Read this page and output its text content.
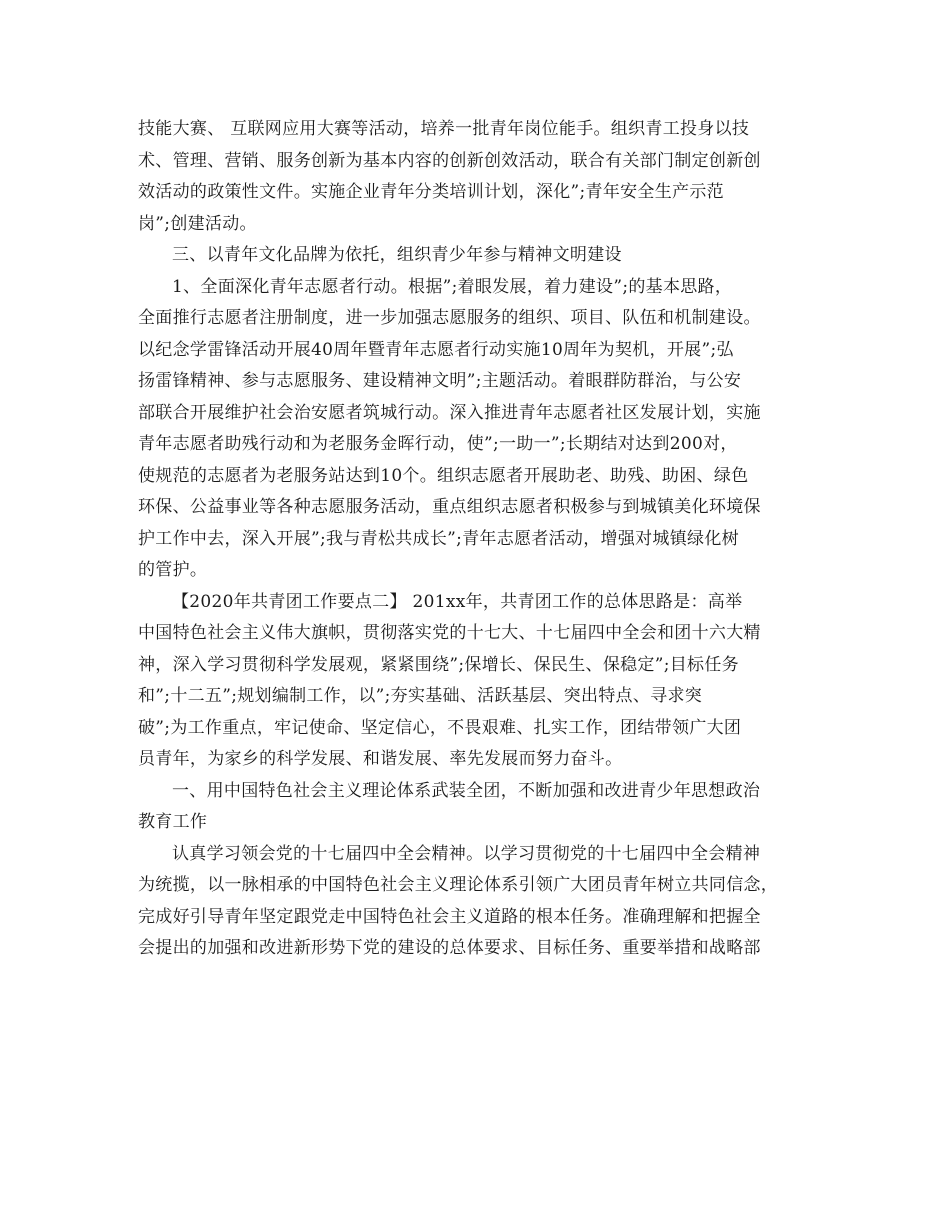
技能大赛、 互联网应用大赛等活动，培养一批青年岗位能手。组织青工投身以技
术、管理、营销、服务创新为基本内容的创新创效活动，联合有关部门制定创新创
效活动的政策性文件。实施企业青年分类培训计划，深化”;青年安全生产示范
岗”;创建活动。
三、以青年文化品牌为依托，组织青少年参与精神文明建设
1、全面深化青年志愿者行动。根据”;着眼发展，着力建设”;的基本思路，
全面推行志愿者注册制度，进一步加强志愿服务的组织、项目、队伍和机制建设。
以纪念学雷锋活动开展40周年暨青年志愿者行动实施10周年为契机，开展”;弘
扬雷锋精神、参与志愿服务、建设精神文明”;主题活动。着眼群防群治，与公安
部联合开展维护社会治安愿者筑城行动。深入推进青年志愿者社区发展计划，实施
青年志愿者助残行动和为老服务金晖行动，使”;一助一”;长期结对达到200对，
使规范的志愿者为老服务站达到10个。组织志愿者开展助老、助残、助困、绿色
环保、公益事业等各种志愿服务活动，重点组织志愿者积极参与到城镇美化环境保
护工作中去，深入开展”;我与青松共成长”;青年志愿者活动，增强对城镇绿化树
的管护。
【2020年共青团工作要点二】 201xx年，共青团工作的总体思路是：高举
中国特色社会主义伟大旗帜，贯彻落实党的十七大、十七届四中全会和团十六大精
神，深入学习贯彻科学发展观，紧紧围绕”;保增长、保民生、保稳定”;目标任务
和”;十二五”;规划编制工作，以”;夯实基础、活跃基层、突出特点、寻求突
破”;为工作重点，牢记使命、坚定信心，不畏艰难、扎实工作，团结带领广大团
员青年，为家乡的科学发展、和谐发展、率先发展而努力奋斗。
一、用中国特色社会主义理论体系武装全团，不断加强和改进青少年思想政治
教育工作
认真学习领会党的十七届四中全会精神。以学习贯彻党的十七届四中全会精神
为统揽，以一脉相承的中国特色社会主义理论体系引领广大团员青年树立共同信念，
完成好引导青年坚定跟党走中国特色社会主义道路的根本任务。准确理解和把握全
会提出的加强和改进新形势下党的建设的总体要求、目标任务、重要举措和战略部
